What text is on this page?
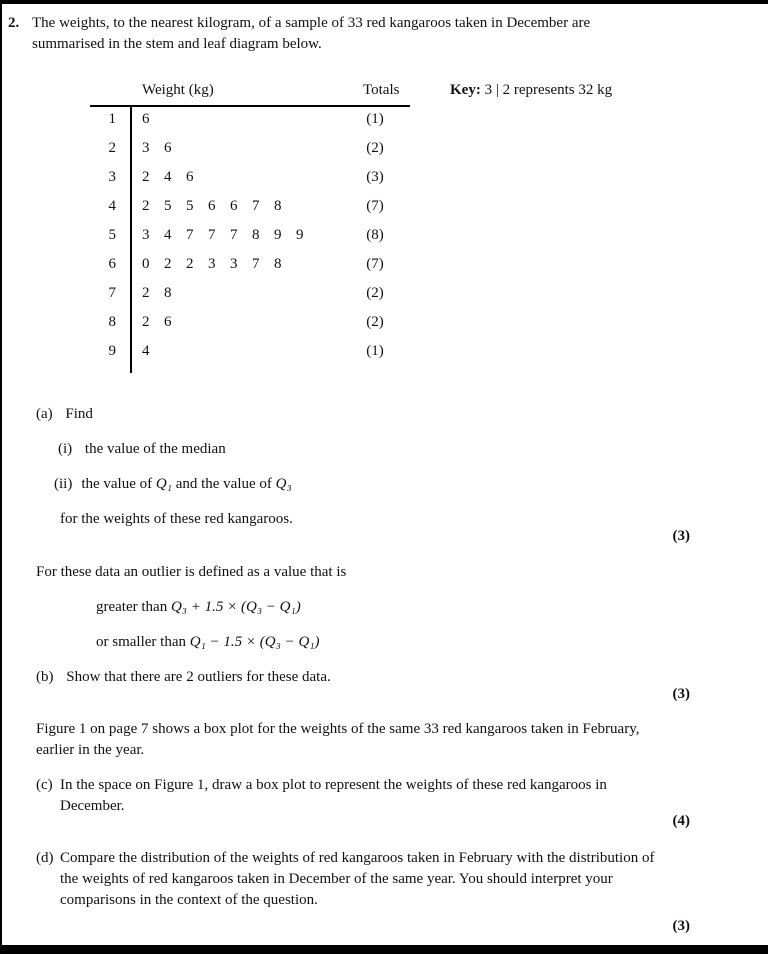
2. The weights, to the nearest kilogram, of a sample of 33 red kangaroos taken in December are summarised in the stem and leaf diagram below.
Weight (kg)	Totals
1	6	(1)
2	3 6	(2)
3	2 4 6	(3)
4	2 5 5 6 6 7 8	(7)
5	3 4 7 7 7 8 9 9	(8)
6	0 2 2 3 3 7 8	(7)
7	2 8	(2)
8	2 6	(2)
9	4	(1)
Key: 3 | 2 represents 32 kg
(a) Find
(i) the value of the median
(ii) the value of Q₁ and the value of Q₃
for the weights of these red kangaroos.
(3)
For these data an outlier is defined as a value that is
greater than Q₃ + 1.5 × (Q₃ − Q₁)
or smaller than Q₁ − 1.5 × (Q₃ − Q₁)
(b) Show that there are 2 outliers for these data.
(3)
Figure 1 on page 7 shows a box plot for the weights of the same 33 red kangaroos taken in February, earlier in the year.
(c) In the space on Figure 1, draw a box plot to represent the weights of these red kangaroos in December.
(4)
(d) Compare the distribution of the weights of red kangaroos taken in February with the distribution of the weights of red kangaroos taken in December of the same year. You should interpret your comparisons in the context of the question.
(3)
